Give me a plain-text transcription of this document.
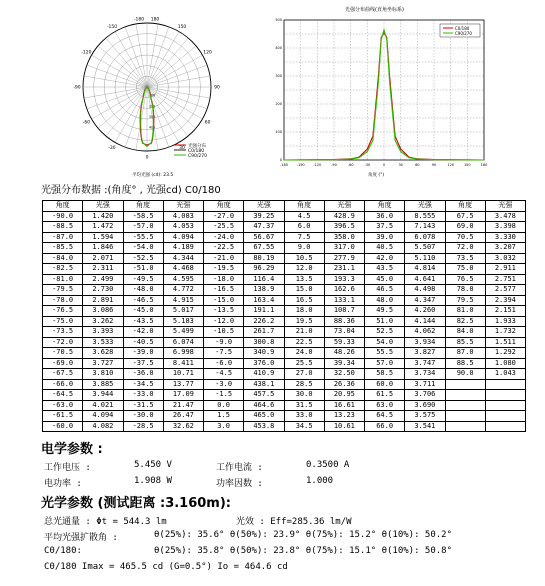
-180 180
-150	150
-120	120
-90	90
-60	60
-30	30
0
100
200
300
400
平均光强 (cd): 23.5
光强分布
C0/180
C90/270
光强分布曲线(直角坐标系)
-180 -150 -120	-90	-60	-30	0	30	60	90	120	150	180
0
100
200
300
400
500
角度 (°)
C0/180
C90/270
光强分布数据 :(角度° , 光强cd) C0/180
角度	光强	角度	光强	角度	光强	角度	光强	角度	光强	角度	光强
-90.0	1.420	-58.5	4.083	-27.0	39.25	4.5	428.9	36.0	8.555	67.5	3.478
-88.5	1.472	-57.0	4.053	-25.5	47.37	6.0	396.5	37.5	7.143	69.0	3.398
-87.0	1.594	-55.5	4.094	-24.0	56.67	7.5	358.0	39.0	6.078	70.5	3.330
-85.5	1.846	-54.0	4.189	-22.5	67.55	9.0	317.0	40.5	5.507	72.0	3.207
-84.0	2.071	-52.5	4.344	-21.0	80.19	10.5	277.9	42.0	5.110	73.5	3.032
-82.5	2.311	-51.0	4.468	-19.5	96.29	12.0	231.1	43.5	4.814	75.0	2.911
-81.0	2.499	-49.5	4.595	-18.0	116.4	13.5	193.3	45.0	4.641	76.5	2.751
-79.5	2.730	-48.0	4.772	-16.5	138.9	15.0	162.6	46.5	4.498	78.0	2.577
-78.0	2.891	-46.5	4.915	-15.0	163.4	16.5	133.1	48.0	4.347	79.5	2.394
-76.5	3.086	-45.0	5.017	-13.5	191.1	18.0	108.7	49.5	4.260	81.0	2.151
-75.0	3.262	-43.5	5.183	-12.0	226.2	19.5	88.36	51.0	4.144	82.5	1.933
-73.5	3.393	-42.0	5.499	-10.5	261.7	21.0	73.04	52.5	4.062	84.0	1.732
-72.0	3.533	-40.5	6.074	-9.0	300.8	22.5	59.33	54.0	3.934	85.5	1.511
-70.5	3.628	-39.0	6.998	-7.5	340.9	24.0	48.26	55.5	3.827	87.0	1.292
-69.0	3.727	-37.5	8.411	-6.0	376.0	25.5	39.34	57.0	3.747	88.5	1.080
-67.5	3.810	-36.0	10.71	-4.5	410.9	27.0	32.50	58.5	3.734	90.0	1.043
-66.0	3.885	-34.5	13.77	-3.0	438.1	28.5	26.36	60.0	3.711		
-64.5	3.944	-33.0	17.09	-1.5	457.5	30.0	20.95	61.5	3.706		
-63.0	4.021	-31.5	21.47	0.0	464.6	31.5	16.61	63.0	3.690		
-61.5	4.094	-30.0	26.47	1.5	465.0	33.0	13.23	64.5	3.575		
-60.0	4.082	-28.5	32.62	3.0	453.8	34.5	10.61	66.0	3.541		
电学参数 :
工作电压 :	5.450 V	工作电流 :	0.3500 A
电功率 :	1.908 W	功率因数 :	1.000
光学参数 (测试距离 :3.160m):
总光通量 : Φt = 544.3 lm	光效 : Eff=285.36 lm/W
平均光强扩散角 :	θ(25%): 35.6° θ(50%): 23.9° θ(75%): 15.2° θ(10%): 50.2°
C0/180:	θ(25%): 35.8° θ(50%): 23.8° θ(75%): 15.1° θ(10%): 50.8°
C0/180 Imax = 465.5 cd (G=0.5°) Io = 464.6 cd
